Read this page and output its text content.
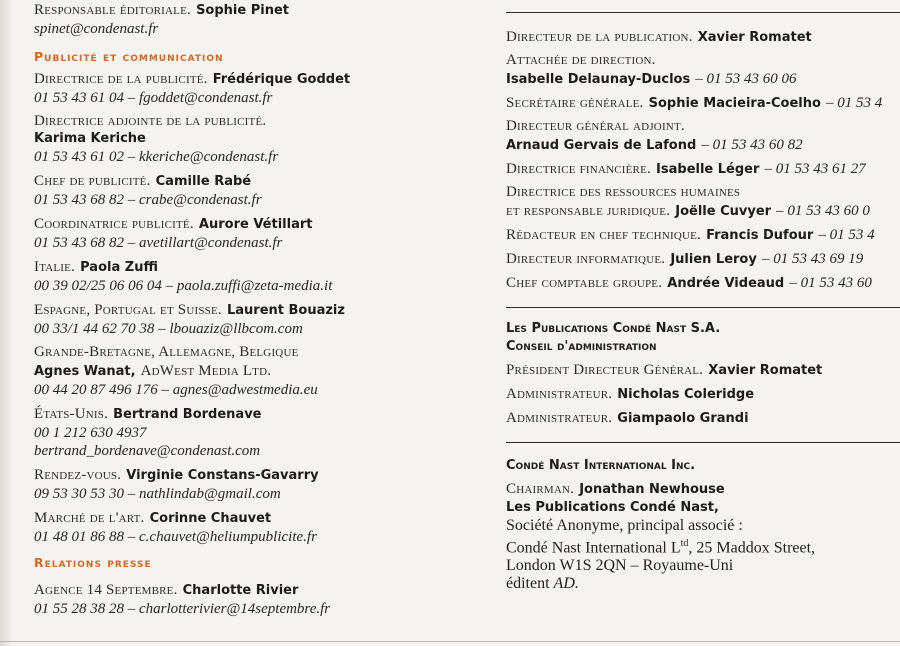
Responsable éditoriale. Sophie Pinet
spinet@condenast.fr
Publicité et communication
Directrice de la publicité. Frédérique Goddet
01 53 43 61 04 – fgoddet@condenast.fr
Directrice adjointe de la publicité.
Karima Keriche
01 53 43 61 02 – kkeriche@condenast.fr
Chef de publicité. Camille Rabé
01 53 43 68 82 – crabe@condenast.fr
Coordinatrice publicité. Aurore Vétillart
01 53 43 68 82 – avetillart@condenast.fr
Italie. Paola Zuffi
00 39 02/25 06 06 04 – paola.zuffi@zeta-media.it
Espagne, Portugal et Suisse. Laurent Bouaziz
00 33/1 44 62 70 38 – lbouaziz@llbcom.com
Grande-Bretagne, Allemagne, Belgique
Agnes Wanat, AdWest Media Ltd.
00 44 20 87 496 176 – agnes@adwestmedia.eu
États-Unis. Bertrand Bordenave
00 1 212 630 4937
bertrand_bordenave@condenast.com
Rendez-vous. Virginie Constans-Gavarry
09 53 30 53 30 – nathlindab@gmail.com
Marché de l'art. Corinne Chauvet
01 48 01 86 88 – c.chauvet@heliumpublicite.fr
Relations presse
Agence 14 Septembre. Charlotte Rivier
01 55 28 38 28 – charlotterivier@14septembre.fr
Directeur de la publication. Xavier Romatet
Attachée de direction.
Isabelle Delaunay-Duclos – 01 53 43 60 06
Secrétaire générale. Sophie Macieira-Coelho – 01 53 4
Directeur général adjoint.
Arnaud Gervais de Lafond – 01 53 43 60 82
Directrice financière. Isabelle Léger – 01 53 43 61 27
Directrice des ressources humaines
et responsable juridique. Joëlle Cuvyer – 01 53 43 60 0
Rédacteur en chef technique. Francis Dufour – 01 53 4
Directeur informatique. Julien Leroy – 01 53 43 69 19
Chef comptable groupe. Andrée Videaud – 01 53 43 60
Les Publications Condé Nast S.A.
Conseil d'administration
Président Directeur Général. Xavier Romatet
Administrateur. Nicholas Coleridge
Administrateur. Giampaolo Grandi
Condé Nast International Inc.
Chairman. Jonathan Newhouse
Les Publications Condé Nast,
Société Anonyme, principal associé :
Condé Nast International $L^{td}$, 25 Maddox Street,
London W1S 2QN – Royaume-Uni
éditent AD.
